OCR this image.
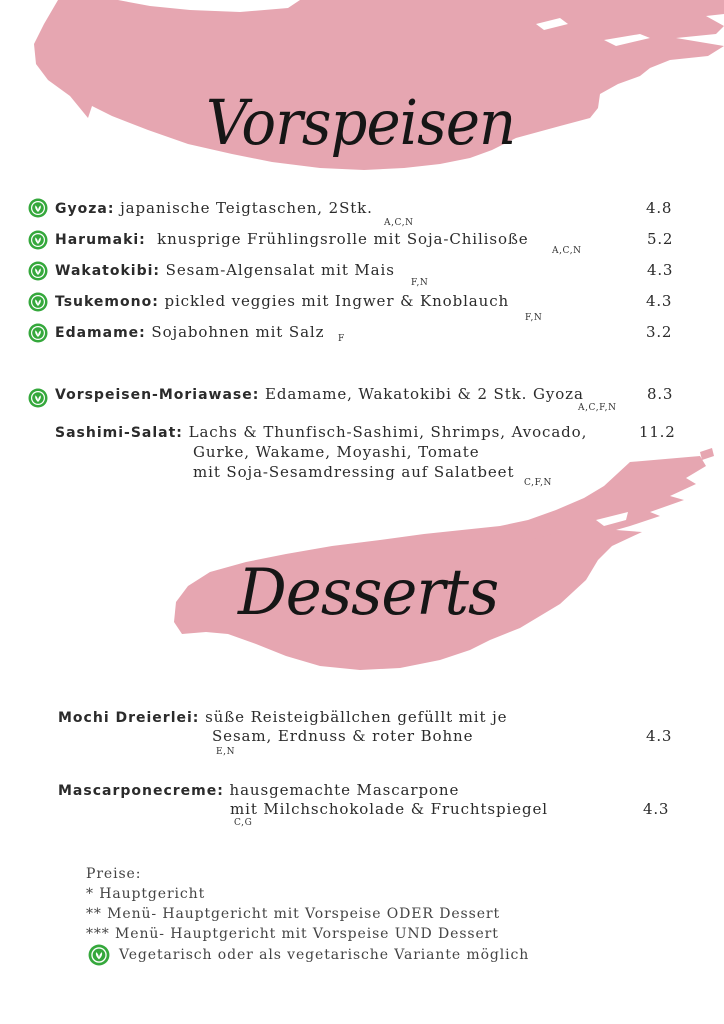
Vorspeisen
Desserts
Gyoza: japanische Teigtaschen, 2Stk.
A,C,N
4.8
Harumaki: knusprige Frühlingsrolle mit Soja-Chilisoße
A,C,N
5.2
Wakatokibi: Sesam-Algensalat mit Mais
F,N
4.3
Tsukemono: pickled veggies mit Ingwer & Knoblauch
F,N
4.3
Edamame: Sojabohnen mit Salz F	3.2
Vorspeisen-Moriawase: Edamame, Wakatokibi & 2 Stk. Gyoza
A,C,F,N
8.3
Sashimi-Salat: Lachs & Thunfisch-Sashimi, Shrimps, Avocado,
Gurke, Wakame, Moyashi, Tomate
mit Soja-Sesamdressing auf Salatbeet
C,F,N
11.2
Mochi Dreierlei: süße Reisteigbällchen gefüllt mit je
Sesam, Erdnuss & roter Bohne
E,N
4.3
Mascarponecreme: hausgemachte Mascarpone
mit Milchschokolade & Fruchtspiegel
C,G
4.3
Preise:
* Hauptgericht
** Menü- Hauptgericht mit Vorspeise ODER Dessert
*** Menü- Hauptgericht mit Vorspeise UND Dessert
Vegetarisch oder als vegetarische Variante möglich
